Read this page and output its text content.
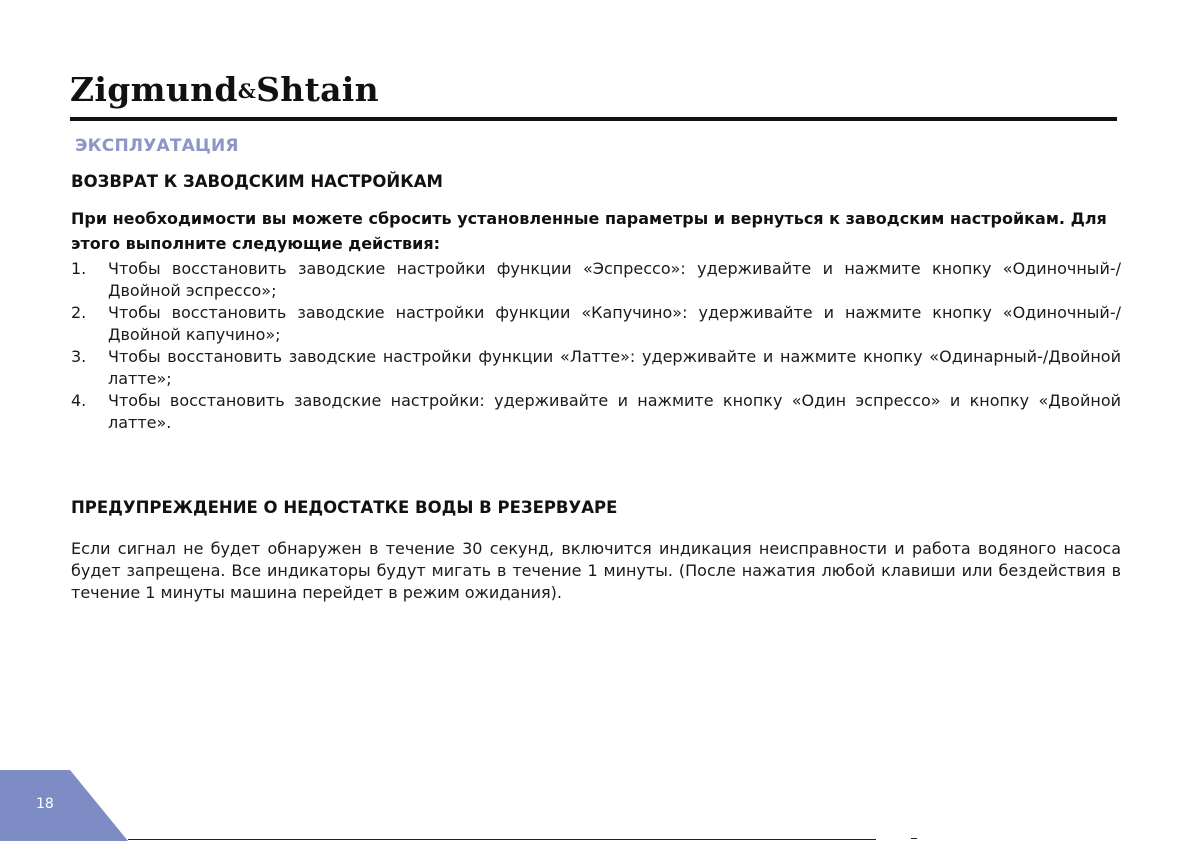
Zigmund&Shtain
ЭКСПЛУАТАЦИЯ
ВОЗВРАТ К ЗАВОДСКИМ НАСТРОЙКАМ
При необходимости вы можете сбросить установленные параметры и вернуться к заводским настройкам. Для этого выполните следующие действия:
1. Чтобы восстановить заводские настройки функции «Эспрессо»: удерживайте и нажмите кнопку «Одиночный-/Двойной эспрессо»;
2. Чтобы восстановить заводские настройки функции «Капучино»: удерживайте и нажмите кнопку «Одиночный-/Двойной капучино»;
3. Чтобы восстановить заводские настройки функции «Латте»: удерживайте и нажмите кнопку «Одинарный-/Двойной латте»;
4. Чтобы восстановить заводские настройки: удерживайте и нажмите кнопку «Один эспрессо» и кнопку «Двойной латте».
ПРЕДУПРЕЖДЕНИЕ О НЕДОСТАТКЕ ВОДЫ В РЕЗЕРВУАРЕ
Если сигнал не будет обнаружен в течение 30 секунд, включится индикация неисправности и работа водяного насоса будет запрещена. Все индикаторы будут мигать в течение 1 минуты. (После нажатия любой клавиши или бездействия в течение 1 минуты машина перейдет в режим ожидания).
18
